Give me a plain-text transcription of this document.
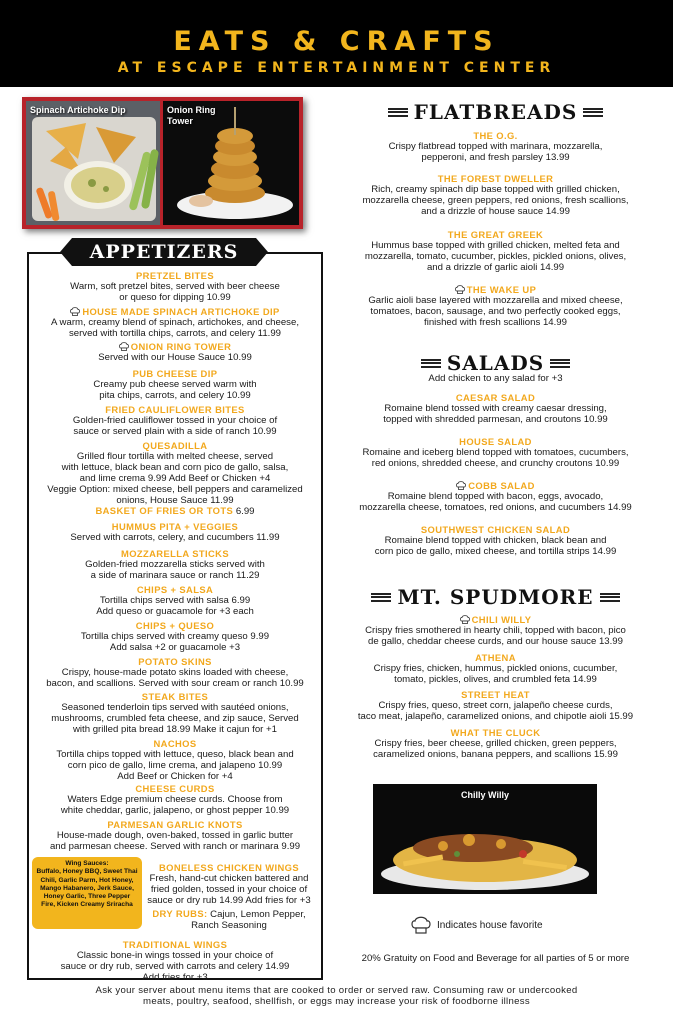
EATS & CRAFTS
AT ESCAPE ENTERTAINMENT CENTER
Spinach Artichoke Dip	Onion Ring
Tower
APPETIZERS
PRETZEL BITES
Warm, soft pretzel bites, served with beer cheese
or queso for dipping 10.99
HOUSE MADE SPINACH ARTICHOKE DIP
A warm, creamy blend of spinach, artichokes, and cheese,
served with tortilla chips, carrots, and celery 11.99
ONION RING TOWER
Served with our House Sauce 10.99
PUB CHEESE DIP
Creamy pub cheese served warm with
pita chips, carrots, and celery 10.99
FRIED CAULIFLOWER BITES
Golden-fried cauliflower tossed in your choice of
sauce or served plain with a side of ranch 10.99
QUESADILLA
Grilled flour tortilla with melted cheese, served
with lettuce, black bean and corn pico de gallo, salsa,
and lime crema 9.99 Add Beef or Chicken +4
Veggie Option: mixed cheese, bell peppers and caramelized
onions, House Sauce 11.99
BASKET OF FRIES OR TOTS 6.99
HUMMUS PITA + VEGGIES
Served with carrots, celery, and cucumbers 11.99
MOZZARELLA STICKS
Golden-fried mozzarella sticks served with
a side of marinara sauce or ranch 11.29
CHIPS + SALSA
Tortilla chips served with salsa 6.99
Add queso or guacamole for +3 each
CHIPS + QUESO
Tortilla chips served with creamy queso 9.99
Add salsa +2 or guacamole +3
POTATO SKINS
Crispy, house-made potato skins loaded with cheese,
bacon, and scallions. Served with sour cream or ranch 10.99
STEAK BITES
Seasoned tenderloin tips served with sautéed onions,
mushrooms, crumbled feta cheese, and zip sauce, Served
with grilled pita bread 18.99 Make it cajun for +1
NACHOS
Tortilla chips topped with lettuce, queso, black bean and
corn pico de gallo, lime crema, and jalapeno 10.99
Add Beef or Chicken for +4
CHEESE CURDS
Waters Edge premium cheese curds. Choose from
white cheddar, garlic, jalapeno, or ghost pepper 10.99
PARMESAN GARLIC KNOTS
House-made dough, oven-baked, tossed in garlic butter
and parmesan cheese. Served with ranch or marinara 9.99
Wing Sauces:
Buffalo, Honey BBQ, Sweet Thai Chili, Garlic Parm, Hot Honey, Mango Habanero, Jerk Sauce, Honey Garlic, Three Pepper Fire, Kicken Creamy Sriracha
BONELESS CHICKEN WINGS
Fresh, hand-cut chicken battered and
fried golden, tossed in your choice of
sauce or dry rub 14.99 Add fries for +3
DRY RUBS: Cajun, Lemon Pepper,
Ranch Seasoning
TRADITIONAL WINGS
Classic bone-in wings tossed in your choice of
sauce or dry rub, served with carrots and celery 14.99
Add fries for +3
FLATBREADS
THE O.G.
Crispy flatbread topped with marinara, mozzarella,
pepperoni, and fresh parsley 13.99
THE FOREST DWELLER
Rich, creamy spinach dip base topped with grilled chicken,
mozzarella cheese, green peppers, red onions, fresh scallions,
and a drizzle of house sauce 14.99
THE GREAT GREEK
Hummus base topped with grilled chicken, melted feta and
mozzarella, tomato, cucumber, pickles, pickled onions, olives,
and a drizzle of garlic aioli 14.99
THE WAKE UP
Garlic aioli base layered with mozzarella and mixed cheese,
tomatoes, bacon, sausage, and two perfectly cooked eggs,
finished with fresh scallions 14.99
SALADS
Add chicken to any salad for +3
CAESAR SALAD
Romaine blend tossed with creamy caesar dressing,
topped with shredded parmesan, and croutons 10.99
HOUSE SALAD
Romaine and iceberg blend topped with tomatoes, cucumbers,
red onions, shredded cheese, and crunchy croutons 10.99
COBB SALAD
Romaine blend topped with bacon, eggs, avocado,
mozzarella cheese, tomatoes, red onions, and cucumbers 14.99
SOUTHWEST CHICKEN SALAD
Romaine blend topped with chicken, black bean and
corn pico de gallo, mixed cheese, and tortilla strips 14.99
MT. SPUDMORE
CHILI WILLY
Crispy fries smothered in hearty chili, topped with bacon, pico
de gallo, cheddar cheese curds, and our house sauce 13.99
ATHENA
Crispy fries, chicken, hummus, pickled onions, cucumber,
tomato, pickles, olives, and crumbled feta 14.99
STREET HEAT
Crispy fries, queso, street corn, jalapeño cheese curds,
taco meat, jalapeño, caramelized onions, and chipotle aioli 15.99
WHAT THE CLUCK
Crispy fries, beer cheese, grilled chicken, green peppers,
caramelized onions, banana peppers, and scallions 15.99
Chilly Willy
Indicates house favorite
20% Gratuity on Food and Beverage for all parties of 5 or more
Ask your server about menu items that are cooked to order or served raw. Consuming raw or undercooked
meats, poultry, seafood, shellfish, or eggs may increase your risk of foodborne illness
